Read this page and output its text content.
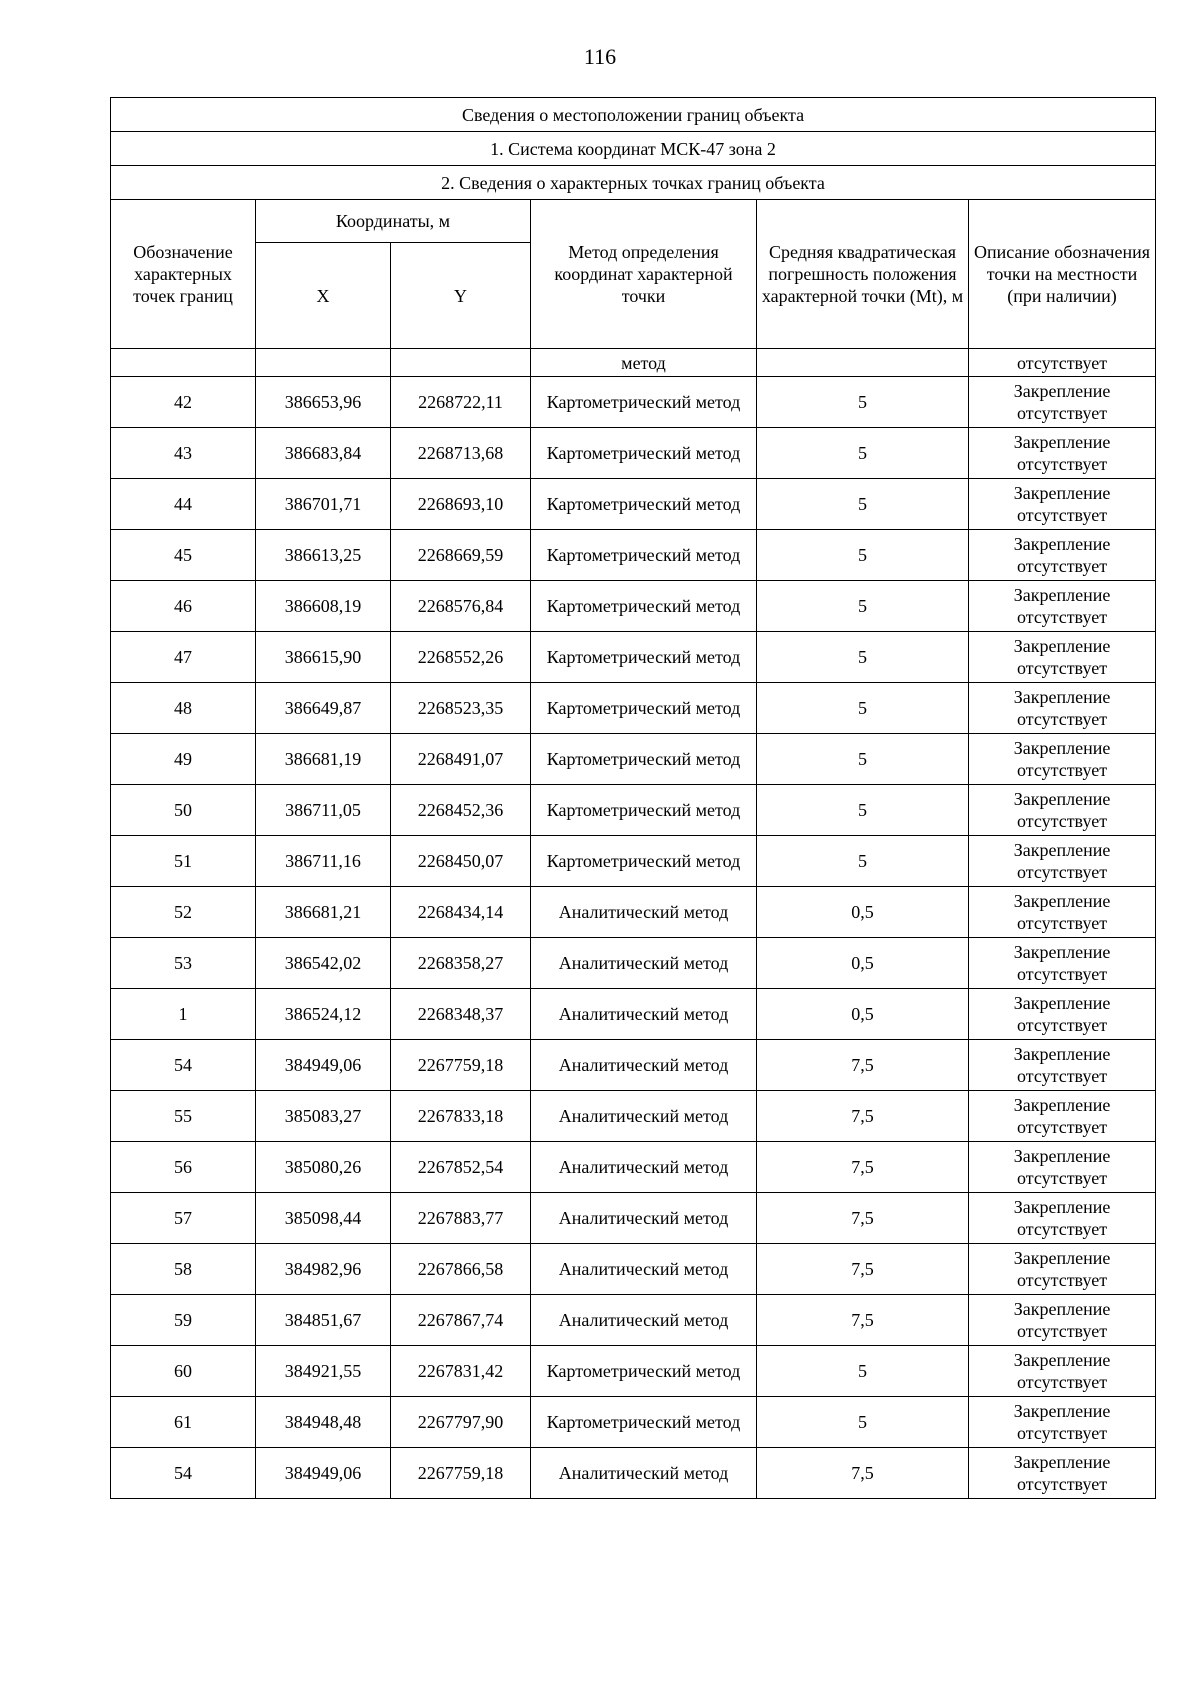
116
Сведения о местоположении границ объекта					
1. Система координат МСК-47 зона 2					
2. Сведения о характерных точках границ объекта					
Обозначение характерных точек границ	Координаты, м		Метод определения координат характерной точки	Средняя квадратическая погрешность положения характерной точки (Mt), м	Описание обозначения точки на местности (при наличии)
	X	Y			
			метод		отсутствует
42	386653,96	2268722,11	Картометрический метод	5	Закрепление отсутствует
43	386683,84	2268713,68	Картометрический метод	5	Закрепление отсутствует
44	386701,71	2268693,10	Картометрический метод	5	Закрепление отсутствует
45	386613,25	2268669,59	Картометрический метод	5	Закрепление отсутствует
46	386608,19	2268576,84	Картометрический метод	5	Закрепление отсутствует
47	386615,90	2268552,26	Картометрический метод	5	Закрепление отсутствует
48	386649,87	2268523,35	Картометрический метод	5	Закрепление отсутствует
49	386681,19	2268491,07	Картометрический метод	5	Закрепление отсутствует
50	386711,05	2268452,36	Картометрический метод	5	Закрепление отсутствует
51	386711,16	2268450,07	Картометрический метод	5	Закрепление отсутствует
52	386681,21	2268434,14	Аналитический метод	0,5	Закрепление отсутствует
53	386542,02	2268358,27	Аналитический метод	0,5	Закрепление отсутствует
1	386524,12	2268348,37	Аналитический метод	0,5	Закрепление отсутствует
54	384949,06	2267759,18	Аналитический метод	7,5	Закрепление отсутствует
55	385083,27	2267833,18	Аналитический метод	7,5	Закрепление отсутствует
56	385080,26	2267852,54	Аналитический метод	7,5	Закрепление отсутствует
57	385098,44	2267883,77	Аналитический метод	7,5	Закрепление отсутствует
58	384982,96	2267866,58	Аналитический метод	7,5	Закрепление отсутствует
59	384851,67	2267867,74	Аналитический метод	7,5	Закрепление отсутствует
60	384921,55	2267831,42	Картометрический метод	5	Закрепление отсутствует
61	384948,48	2267797,90	Картометрический метод	5	Закрепление отсутствует
54	384949,06	2267759,18	Аналитический метод	7,5	Закрепление отсутствует
